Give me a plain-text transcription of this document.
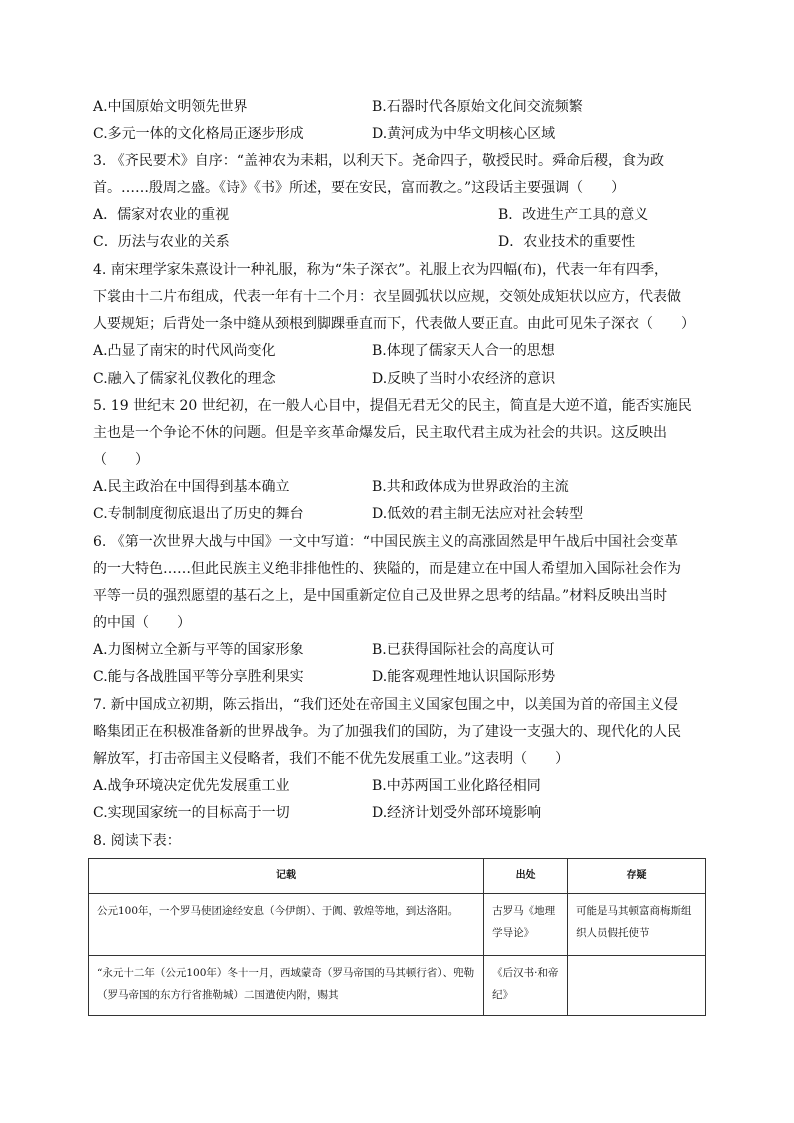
A.中国原始文明领先世界	B.石器时代各原始文化间交流频繁
C.多元一体的文化格局正逐步形成	D.黄河成为中华文明核心区域
3. 《齐民要术》自序：“盖神农为耒耜，以利天下。尧命四子，敬授民时。舜命后稷，食为政
首。……殷周之盛。《诗》《书》所述，要在安民，富而教之。”这段话主要强调（　　）
A．儒家对农业的重视	B．改进生产工具的意义
C．历法与农业的关系	D．农业技术的重要性
4. 南宋理学家朱熹设计一种礼服，称为“朱子深衣”。礼服上衣为四幅(布)，代表一年有四季，
下裳由十二片布组成，代表一年有十二个月：衣呈圆弧状以应规，交领处成矩状以应方，代表做
人要规矩；后背处一条中缝从颈根到脚踝垂直而下，代表做人要正直。由此可见朱子深衣（　　）
A.凸显了南宋的时代风尚变化	B.体现了儒家天人合一的思想
C.融入了儒家礼仪教化的理念	D.反映了当时小农经济的意识
5. 19 世纪末 20 世纪初，在一般人心目中，提倡无君无父的民主，简直是大逆不道，能否实施民
主也是一个争论不休的问题。但是辛亥革命爆发后，民主取代君主成为社会的共识。这反映出
（　　）
A.民主政治在中国得到基本确立	B.共和政体成为世界政治的主流
C.专制制度彻底退出了历史的舞台	D.低效的君主制无法应对社会转型
6. 《第一次世界大战与中国》一文中写道：“中国民族主义的高涨固然是甲午战后中国社会变革
的一大特色……但此民族主义绝非排他性的、狭隘的，而是建立在中国人希望加入国际社会作为
平等一员的强烈愿望的基石之上，是中国重新定位自己及世界之思考的结晶。”材料反映出当时
的中国（　　）
A.力图树立全新与平等的国家形象	B.已获得国际社会的高度认可
C.能与各战胜国平等分享胜利果实	D.能客观理性地认识国际形势
7. 新中国成立初期，陈云指出，“我们还处在帝国主义国家包围之中，以美国为首的帝国主义侵
略集团正在积极准备新的世界战争。为了加强我们的国防，为了建设一支强大的、现代化的人民
解放军，打击帝国主义侵略者，我们不能不优先发展重工业。”这表明（　　）
A.战争环境决定优先发展重工业	B.中苏两国工业化路径相同
C.实现国家统一的目标高于一切	D.经济计划受外部环境影响
8. 阅读下表：
记载	出处	存疑
公元100年，一个罗马使团途经安息（今伊朗）、于阗、敦煌等地，到达洛阳。	古罗马《地理学导论》	可能是马其顿富商梅斯组织人员假托使节
“永元十二年（公元100年）冬十一月，西域蒙奇（罗马帝国的马其顿行省）、兜勒（罗马帝国的东方行省推勒城）二国遣使内附，赐其	《后汉书·和帝纪》	
